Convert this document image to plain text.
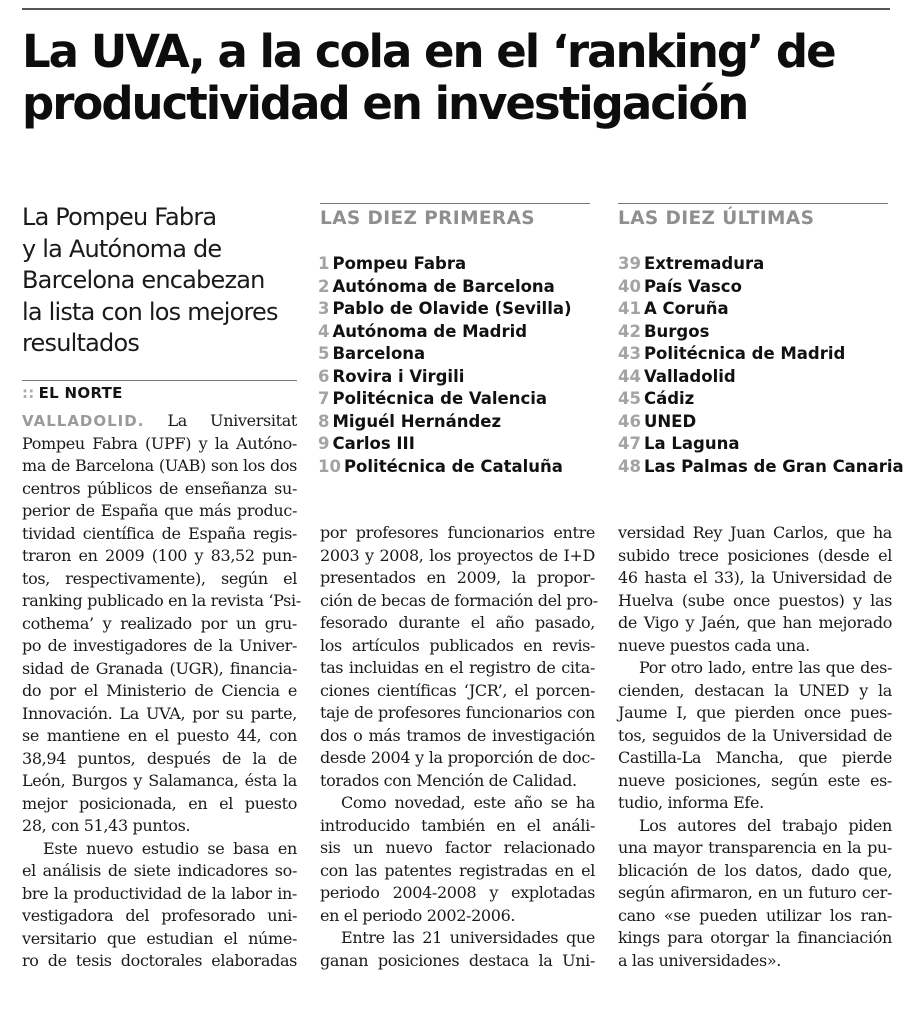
La UVA, a la cola en el ‘ranking’ de
productividad en investigación
La Pompeu Fabra
y la Autónoma de
Barcelona encabezan
la lista con los mejores
resultados
:: EL NORTE
LAS DIEZ PRIMERAS
1 Pompeu Fabra
2 Autónoma de Barcelona
3 Pablo de Olavide (Sevilla)
4 Autónoma de Madrid
5 Barcelona
6 Rovira i Virgili
7 Politécnica de Valencia
8 Miguél Hernández
9 Carlos III
10 Politécnica de Cataluña
LAS DIEZ ÚLTIMAS
39 Extremadura
40 País Vasco
41 A Coruña
42 Burgos
43 Politécnica de Madrid
44 Valladolid
45 Cádiz
46 UNED
47 La Laguna
48 Las Palmas de Gran Canaria
VALLADOLID. La Universitat
Pompeu Fabra (UPF) y la Autóno-
ma de Barcelona (UAB) son los dos
centros públicos de enseñanza su-
perior de España que más produc-
tividad científica de España regis-
traron en 2009 (100 y 83,52 pun-
tos, respectivamente), según el
ranking publicado en la revista ‘Psi-
cothema’ y realizado por un gru-
po de investigadores de la Univer-
sidad de Granada (UGR), financia-
do por el Ministerio de Ciencia e
Innovación. La UVA, por su parte,
se mantiene en el puesto 44, con
38,94 puntos, después de la de
León, Burgos y Salamanca, ésta la
mejor posicionada, en el puesto
28, con 51,43 puntos.
Este nuevo estudio se basa en
el análisis de siete indicadores so-
bre la productividad de la labor in-
vestigadora del profesorado uni-
versitario que estudian el núme-
ro de tesis doctorales elaboradas
por profesores funcionarios entre
2003 y 2008, los proyectos de I+D
presentados en 2009, la propor-
ción de becas de formación del pro-
fesorado durante el año pasado,
los artículos publicados en revis-
tas incluidas en el registro de cita-
ciones científicas ‘JCR’, el porcen-
taje de profesores funcionarios con
dos o más tramos de investigación
desde 2004 y la proporción de doc-
torados con Mención de Calidad.
Como novedad, este año se ha
introducido también en el análi-
sis un nuevo factor relacionado
con las patentes registradas en el
periodo 2004-2008 y explotadas
en el periodo 2002-2006.
Entre las 21 universidades que
ganan posiciones destaca la Uni-
versidad Rey Juan Carlos, que ha
subido trece posiciones (desde el
46 hasta el 33), la Universidad de
Huelva (sube once puestos) y las
de Vigo y Jaén, que han mejorado
nueve puestos cada una.
Por otro lado, entre las que des-
cienden, destacan la UNED y la
Jaume I, que pierden once pues-
tos, seguidos de la Universidad de
Castilla-La Mancha, que pierde
nueve posiciones, según este es-
tudio, informa Efe.
Los autores del trabajo piden
una mayor transparencia en la pu-
blicación de los datos, dado que,
según afirmaron, en un futuro cer-
cano «se pueden utilizar los ran-
kings para otorgar la financiación
a las universidades».
